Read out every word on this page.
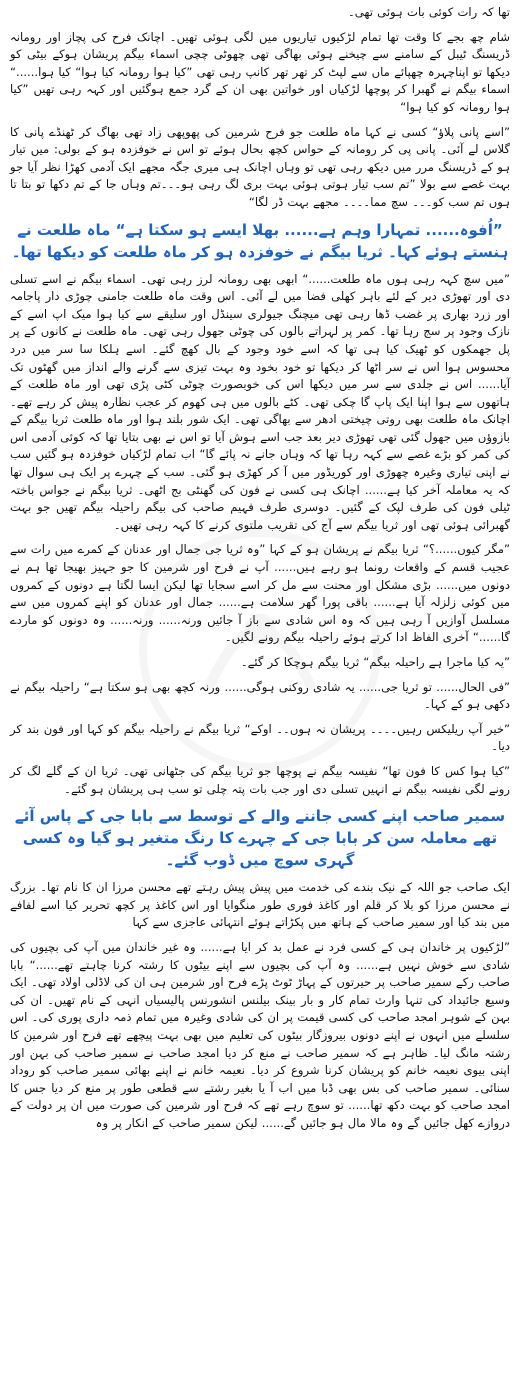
تھا کہ رات کوئی بات ہوئی تھی۔

شام چھ بجے کا وقت تھا تمام لڑکیوں تیاریوں میں لگی ہوئی تھیں۔ اچانک فرح کی پچاز اور رومانہ ڈریسنگ ٹیبل کے سامنے سے چیخنے ہوئی بھاگی تھی چھوٹی چچی اسماء بیگم پریشان ہوکے بیٹی کو دیکھا تو اپناچہرہ چھپائے ماں سے لپٹ کر تھر تھر کانپ رہی تھی ”کیا ہوا رومانہ کیا ہوا“ کیا ہوا......“ اسماء بیگم نے گھبرا کر پوچھا لڑکیاں اور خواتین بھی ان کے گرد جمع ہوگئیں اور کہہ رہی تھیں ”کیا ہوا رومانہ کو کیا ہوا“

”اسے پانی پلاؤ“ کسی نے کہا ماہ طلعت جو فرح شرمین کی پھوپھی زاد تھی بھاگ کر ٹھنڈے پانی کا گلاس لے آئی۔ پانی پی کر رومانہ کے حواس کچھ بحال ہوئے تو اس نے خوفزدہ ہو کے بولی: میں تیار ہو کے ڈریسنگ مرر میں دیکھ رہی تھی تو وہاں اچانک ہی میری جگہ مجھے ایک آدمی کھڑا نظر آیا جو بہت غصے سے بولا ”تم سب تیار ہوتی ہوئی بہت بری لگ رہی ہو۔۔۔تم وہاں جا کے تم دکھا تو بتا تا ہوں تم سب کو۔۔۔ سچ مما۔۔۔۔ مجھے بہت ڈر لگا“

”اُفوہ...... تمہارا وہم ہے...... بھلا ایسے ہو سکتا ہے“ ماہ طلعت نے ہنستے ہوئے کہا۔ ثریا بیگم نے خوفزدہ ہو کر ماہ طلعت کو دیکھا تھا۔

”میں سچ کہہ رہی ہوں ماہ طلعت......“ ابھی بھی رومانہ لرز رہی تھی۔ اسماء بیگم نے اسے تسلی دی اور تھوڑی دیر کے لئے باہر کھلی فضا میں لے آئی۔ اس وقت ماہ طلعت جامنی چوڑی دار پاجامہ اور زرد بھاری پر غضب ڈھا رہی تھی میچنگ جیولری سینڈل اور سلیقے سے کیا ہوا میک اپ اسے کے نازک وجود پر سج رہا تھا۔ کمر پر لہراتے بالوں کی چوٹی جھول رہی تھی۔ ماہ طلعت نے کانوں کے پر پل جھمکوں کو ٹھیک کیا ہی تھا کہ اسے خود وجود کے بال کھچ گئے۔ اسے ہلکا سا سر میں درد محسوس ہوا اس نے سر اٹھا کر دیکھا تو خود بخود وہ بہت تیزی سے گرنے والے انداز میں گھٹوں تک آیا...... اس نے جلدی سے سر میں دیکھا اس کی خوبصورت چوٹی کٹی پڑی تھی اور ماہ طلعت کے ہاتھوں سے ہوا اپنا ایک پاپ گا چکی تھی۔ کٹے بالوں میں ہی کھوم کر عجب نظارہ پیش کر رہے تھے۔ اچانک ماہ طلعت بھی روتی چیختی ادھر سے بھاگی تھی۔ ایک شور بلند ہوا اور ماہ طلعت ثریا بیگم کے بازوؤں میں جھول گئی تھی تھوڑی دیر بعد جب اسے ہوش آیا تو اس نے بھی بتایا تھا کہ کوئی آدمی اس کی کمر کو بڑے غصے سے کہہ رہا تھا کہ وہاں جانے نہ پائے گا“ اب تمام لڑکیاں خوفزدہ ہو گئیں سب نے اپنی تیاری وغیرہ چھوڑی اور کوریڈور میں آ کر کھڑی ہو گئی۔ سب کے چہرے پر ایک ہی سوال تھا کہ یہ معاملہ آخر کیا ہے...... اچانک ہی کسی نے فون کی گھنٹی بج اٹھی۔ ثریا بیگم نے جواس باختہ ٹیلی فون کی طرف لپک کے گئیں۔ دوسری طرف فہیم صاحب کی بیگم راحیلہ بیگم تھیں جو بہت گھبرائی ہوئی تھی اور ثریا بیگم سے آج کی تقریب ملتوی کرنے کا کہہ رہی تھیں۔

”مگر کیوں......؟“ ثریا بیگم نے پریشان ہو کے کہا ”وہ ثریا جی جمال اور عدنان کے کمرے میں رات سے عجیب قسم کے واقعات رونما ہو رہے ہیں...... آپ نے فرح اور شرمین کا جو جہیز بھیجا تھا ہم نے دونوں میں...... بڑی مشکل اور محنت سے مل کر اسے سجایا تھا لیکن ایسا لگتا ہے دونوں کے کمروں میں کوئی زلزلہ آیا ہے...... باقی پورا گھر سلامت ہے...... جمال اور عدنان کو اپنے کمروں میں سے مسلسل آوازیں آ رہی ہیں کہ وہ اس شادی سے باز آ جائیں ورنہ...... ورنہ...... وہ دونوں کو ماردے گا......“ آخری الفاظ ادا کرتے ہوئے راحیلہ بیگم رونے لگیں۔

”یہ کیا ماجرا ہے راحیلہ بیگم“ ثریا بیگم ہوچکا کر گئے۔

”فی الحال...... تو ثریا جی...... یہ شادی روکنی ہوگی...... ورنہ کچھ بھی ہو سکتا ہے“ راحیلہ بیگم نے دکھی ہو کے کہا۔

”خیر آپ ریلیکس رہیں۔۔۔۔ پریشان نہ ہوں۔۔ اوکے“ ثریا بیگم نے راحیلہ بیگم کو کہا اور فون بند کر دیا۔

”کیا ہوا کس کا فون تھا“ نفیسہ بیگم نے پوچھا جو ثریا بیگم کی جٹھانی تھی۔ ثریا ان کے گلے لگ کر رونے لگی نفیسہ بیگم نے انہیں تسلی دی اور جب بات پتہ چلی تو سب ہی پریشان ہو گئے۔

سمیر صاحب اپنے کسی جاننے والے کے توسط سے بابا جی کے پاس آئے تھے معاملہ سن کر بابا جی کے چہرے کا رنگ متغیر ہو گیا وہ کسی گہری سوچ میں ڈوب گئے۔

ایک صاحب جو اللہ کے نیک بندے کی خدمت میں پیش پیش رہتے تھے محسن مرزا ان کا نام تھا۔ بزرگ نے محسن مرزا کو بلا کر قلم اور کاغذ فوری طور منگوایا اور اس کاغذ پر کچھ تحریر کیا اسے لفافے میں بند کیا اور سمیر صاحب کے ہاتھ میں پکڑاتے ہوئے انتہائی عاجزی سے کہا

”لڑکیوں پر خاندان ہی کے کسی فرد نے عمل بد کر ایا ہے...... وہ غیر خاندان میں آپ کی بچیوں کی شادی سے خوش نہیں ہے...... وہ آپ کی بچیوں سے اپنے بیٹوں کا رشتہ کرنا چاہتے تھے......“ بابا صاحب رکے سمیر صاحب پر حیرتوں کے پہاڑ ٹوٹ پڑے فرح اور شرمین ہی ان کی لاڈلی اولاد تھی۔ ایک وسیع جائیداد کی تنہا وارث تمام کار و بار بینک بیلنس انشورنس پالیسیاں انہی کے نام تھیں۔ ان کی بہن کے شوہر امجد صاحب کی کسی قیمت پر ان کی شادی وغیرہ میں تمام ذمہ داری پوری کی۔ اس سلسلے میں انہوں نے اپنے دونوں بیروزگار بیٹوں کی تعلیم میں بھی بہت پیچھے تھے فرح اور شرمین کا رشتہ مانگ لیا۔ ظاہر ہے کہ سمیر صاحب نے منع کر دیا امجد صاحب نے سمیر صاحب کی بہن اور اپنی بیوی نعیمہ خانم کو پریشان کرنا شروع کر دیا۔ نعیمہ خانم نے اپنے بھائی سمیر صاحب کو روداد سنائی۔ سمیر صاحب کی بس بھی ڈبا میں اب آ یا بغیر رشتے سے قطعی طور پر منع کر دیا جس کا امجد صاحب کو بہت دکھ تھا...... تو سوچ رہے تھے کہ فرح اور شرمین کی صورت میں ان پر دولت کے دروازے کھل جائیں گے وہ مالا مال ہو جائیں گے...... لیکن سمیر صاحب کے انکار پر وہ
